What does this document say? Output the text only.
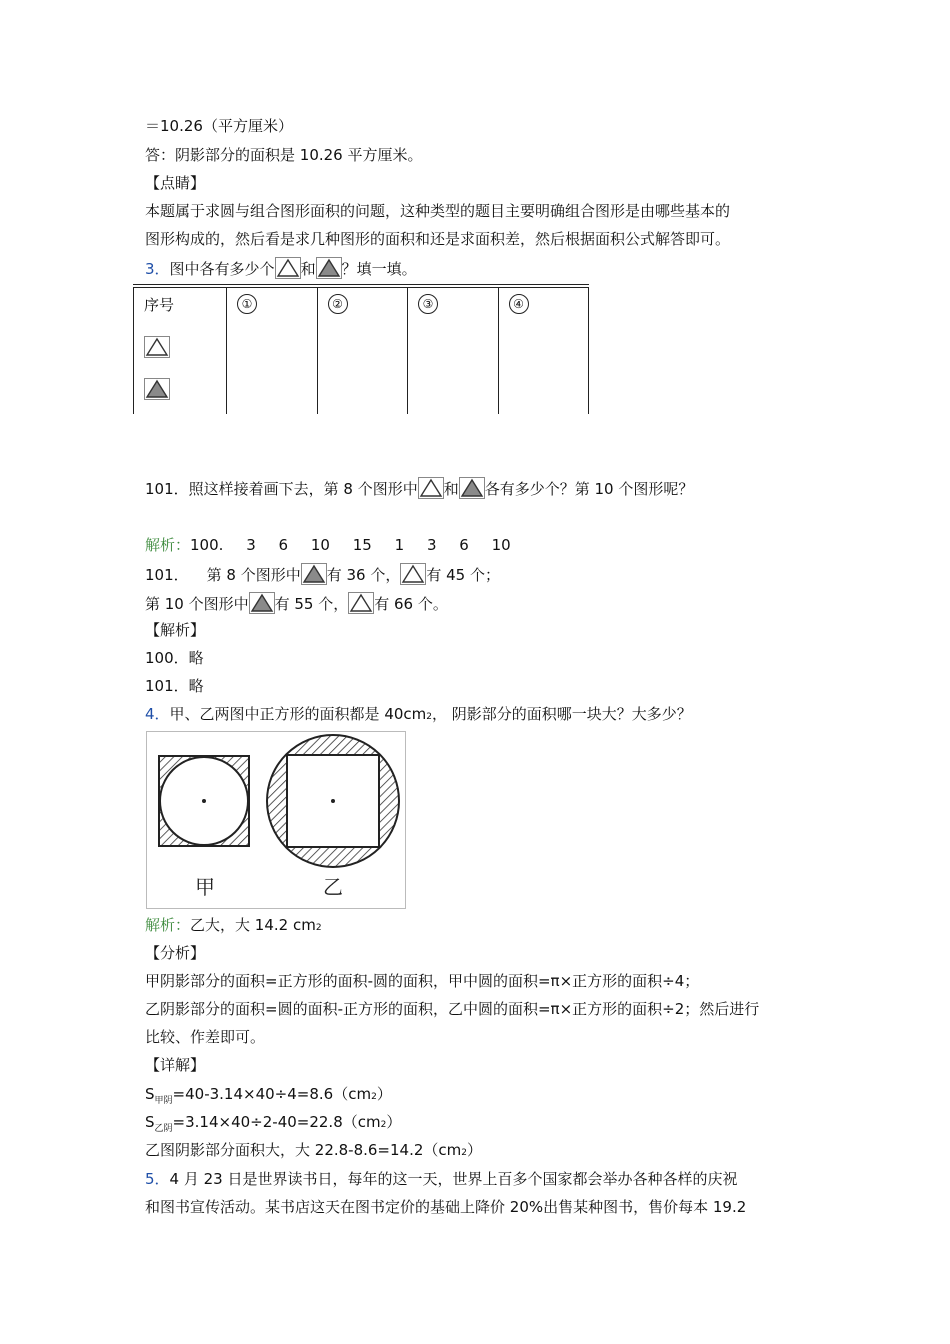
＝10.26（平方厘米）
答：阴影部分的面积是 10.26 平方厘米。
【点睛】
本题属于求圆与组合图形面积的问题，这种类型的题目主要明确组合图形是由哪些基本的
图形构成的，然后看是求几种图形的面积和还是求面积差，然后根据面积公式解答即可。
3．图中各有多少个 和 ？填一填。
序号	①	②	③	④

101．照这样接着画下去，第 8 个图形中 和 各有多少个？第 10 个图形呢？
解析：100. 3 6 10 15 1 3 6 10
101． 第 8 个图形中 有 36 个， 有 45 个；
第 10 个图形中 有 55 个， 有 66 个。
【解析】
100．略
101．略
4．甲、乙两图中正方形的面积都是 40cm2， 阴影部分的面积哪一块大？大多少？
甲	乙
解析：乙大，大 14.2 cm2
【分析】
甲阴影部分的面积=正方形的面积-圆的面积，甲中圆的面积=π×正方形的面积÷4；
乙阴影部分的面积=圆的面积-正方形的面积，乙中圆的面积=π×正方形的面积÷2；然后进行
比较、作差即可。
【详解】
$S_{甲阴}=40-3.14\times 40\div 4=8.6(cm2)$
$S_{乙阴}=3.14\times 40\div 2-40=22.8(cm2)$
乙图阴影部分面积大，大 22.8-8.6=14.2（cm2）
5．4 月 23 日是世界读书日，每年的这一天，世界上百多个国家都会举办各种各样的庆祝
和图书宣传活动。某书店这天在图书定价的基础上降价 20%出售某种图书，售价每本 19.2
